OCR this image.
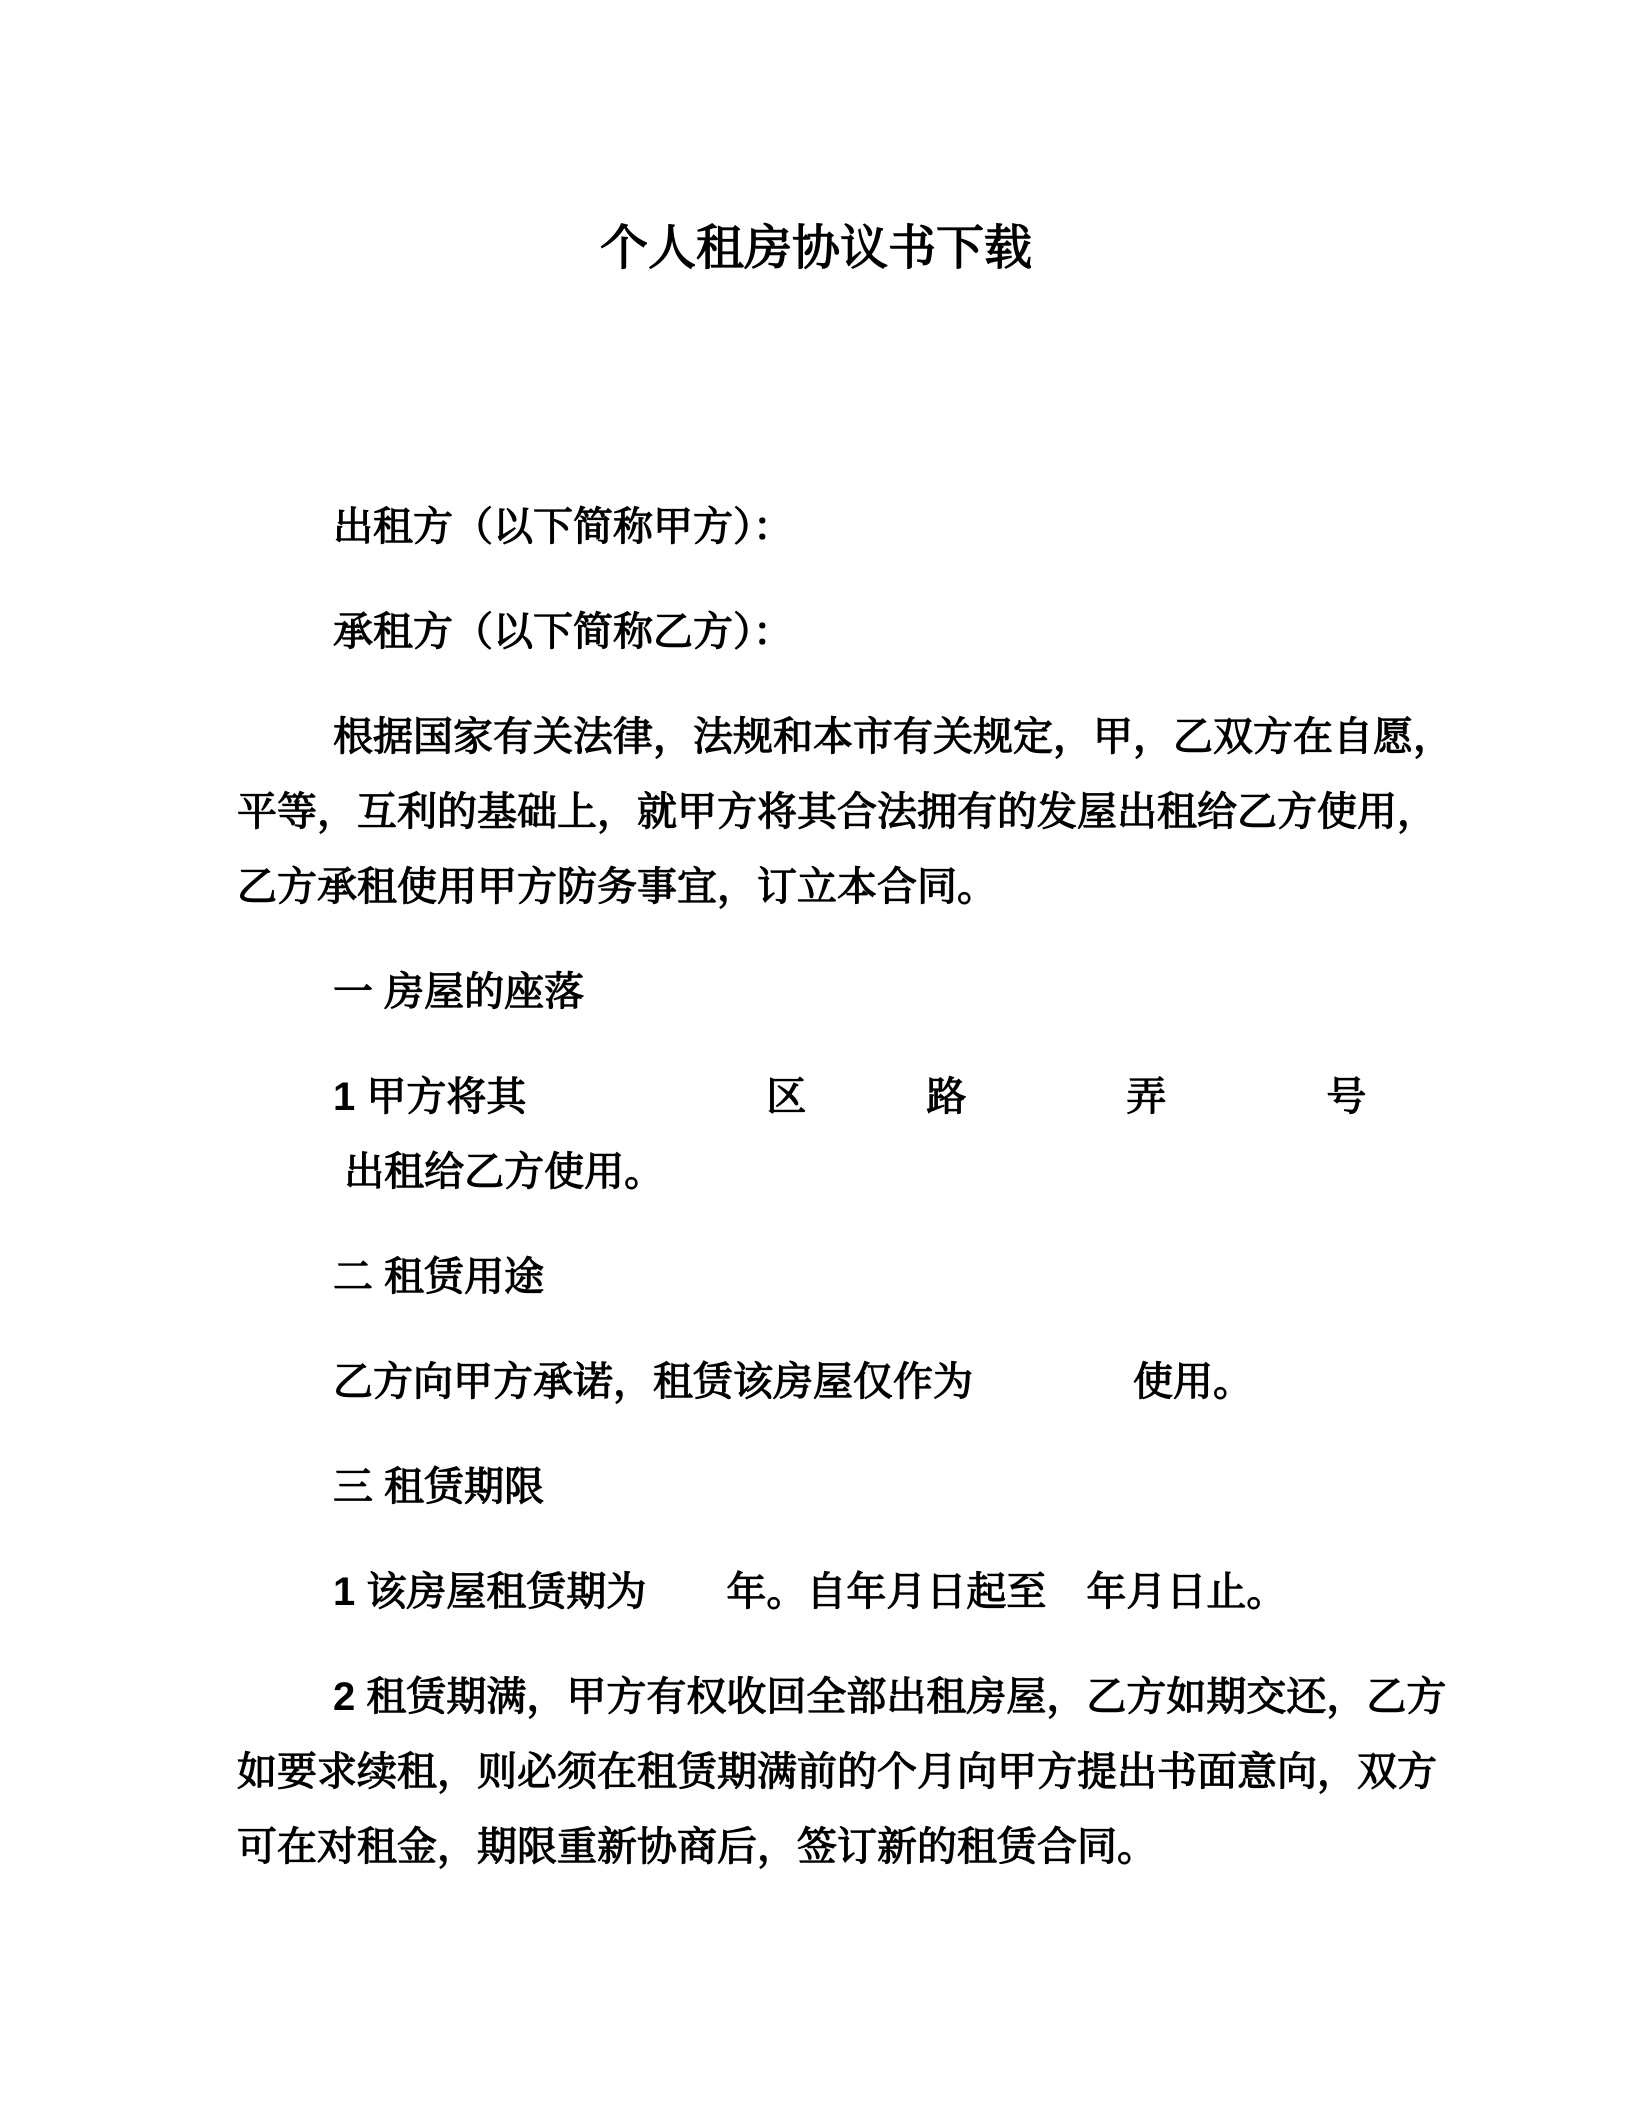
个人租房协议书下载
出租方（以下简称甲方）：
承租方（以下简称乙方）：
根据国家有关法律，法规和本市有关规定，甲，乙双方在自愿，
平等，互利的基础上，就甲方将其合法拥有的发屋出租给乙方使用，
乙方承租使用甲方防务事宜，订立本合同。
一 房屋的座落
1 甲方将其　　　　　　区　　　路　　　　弄　　　　号
出租给乙方使用。
二 租赁用途
乙方向甲方承诺，租赁该房屋仅作为　　　　使用。
三 租赁期限
1 该房屋租赁期为　　年。自年月日起至　年月日止。
2 租赁期满，甲方有权收回全部出租房屋，乙方如期交还，乙方
如要求续租，则必须在租赁期满前的个月向甲方提出书面意向，双方
可在对租金，期限重新协商后，签订新的租赁合同。
